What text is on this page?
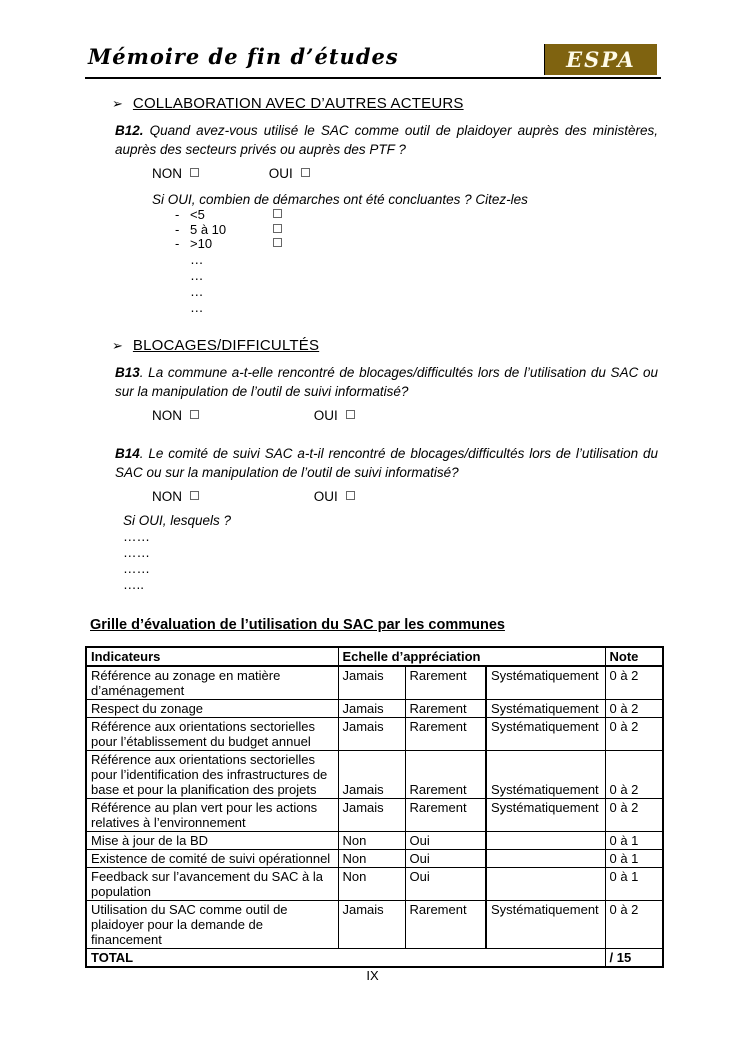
Mémoire de fin d’études	ESPA
➢ COLLABORATION AVEC D’AUTRES ACTEURS
B12. Quand avez-vous utilisé le SAC comme outil de plaidoyer auprès des ministères, auprès des secteurs privés ou auprès des PTF ?
NON	OUI
Si OUI, combien de démarches ont été concluantes ? Citez-les
- <5
- 5 à 10
- >10
…
…
…
…
➢ BLOCAGES/DIFFICULTÉS
B13. La commune a-t-elle rencontré de blocages/difficultés lors de l’utilisation du SAC ou sur la manipulation de l’outil de suivi informatisé?
NON	OUI
B14. Le comité de suivi SAC a-t-il rencontré de blocages/difficultés lors de l’utilisation du SAC ou sur la manipulation de l’outil de suivi informatisé?
NON	OUI
Si OUI, lesquels ?
……
……
……
…..
Grille d’évaluation de l’utilisation du SAC par les communes
Indicateurs	Echelle d’appréciation			Note
Référence au zonage en matière d’aménagement	Jamais	Rarement	Systématiquement	0 à 2
Respect du zonage	Jamais	Rarement	Systématiquement	0 à 2
Référence aux orientations sectorielles pour l’établissement du budget annuel	Jamais	Rarement	Systématiquement	0 à 2
Référence aux orientations sectorielles pour l’identification des infrastructures de base et pour la planification des projets	Jamais	Rarement	Systématiquement	0 à 2
Référence au plan vert pour les actions relatives à l’environnement	Jamais	Rarement	Systématiquement	0 à 2
Mise à jour de la BD	Non	Oui		0 à 1
Existence de comité de suivi opérationnel	Non	Oui		0 à 1
Feedback sur l’avancement du SAC à la population	Non	Oui		0 à 1
Utilisation du SAC comme outil de plaidoyer pour la demande de financement	Jamais	Rarement	Systématiquement	0 à 2
TOTAL				/ 15
IX
